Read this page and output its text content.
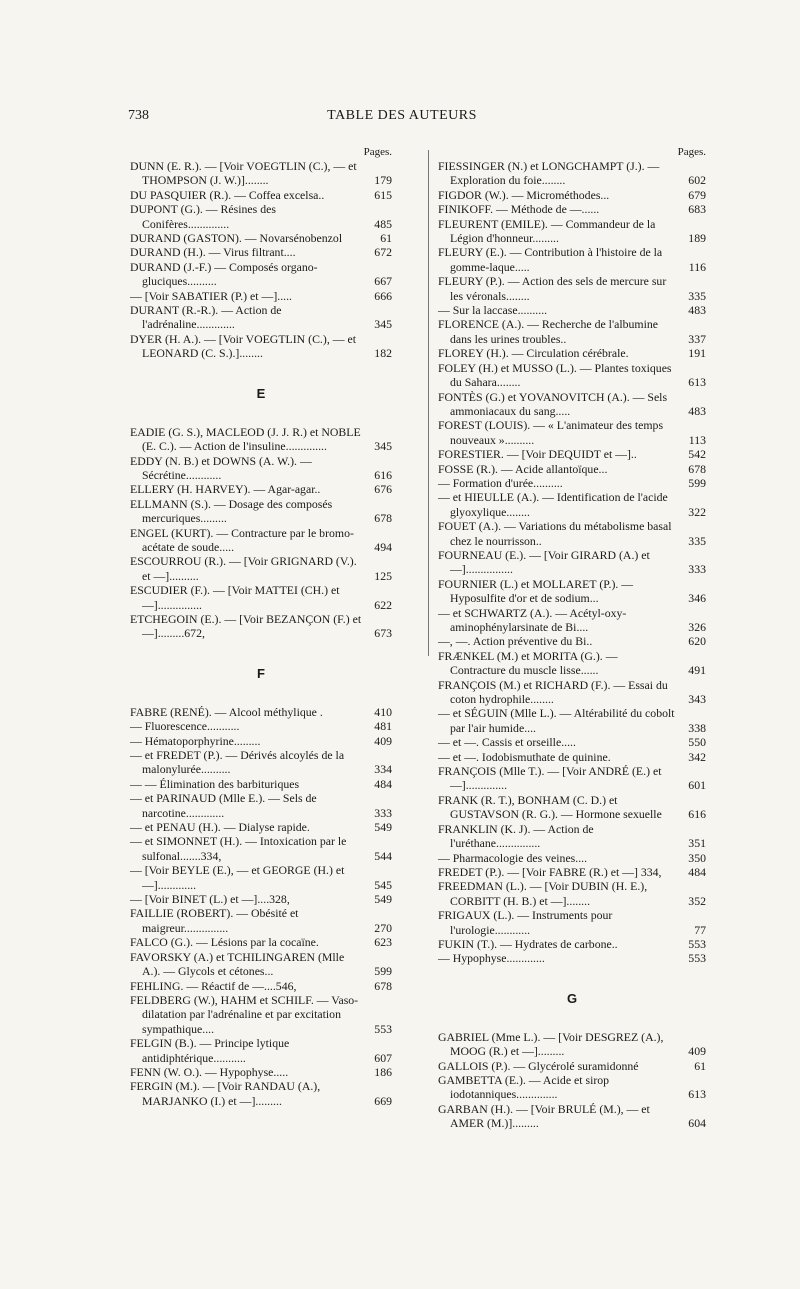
738	TABLE DES AUTEURS
Pages.
DUNN (E. R.). — [Voir VOEGTLIN (C.), — et THOMPSON (J. W.)]........	179
DU PASQUIER (R.). — Coffea excelsa..	615
DUPONT (G.). — Résines des Conifères..............	485
DURAND (GASTON). — Novarsénobenzol	61
DURAND (H.). — Virus filtrant....	672
DURAND (J.-F.) — Composés organo-gluciques..........	667
— [Voir SABATIER (P.) et —].....	666
DURANT (R.-R.). — Action de l'adrénaline.............	345
DYER (H. A.). — [Voir VOEGTLIN (C.), — et LEONARD (C. S.).]........	182
E
EADIE (G. S.), MACLEOD (J. J. R.) et NOBLE (E. C.). — Action de l'insuline..............	345
EDDY (N. B.) et DOWNS (A. W.). — Sécrétine............	616
ELLERY (H. HARVEY). — Agar-agar..	676
ELLMANN (S.). — Dosage des composés mercuriques.........	678
ENGEL (KURT). — Contracture par le bromo-acétate de soude.....	494
ESCOURROU (R.). — [Voir GRIGNARD (V.). et —]..........	125
ESCUDIER (F.). — [Voir MATTEI (CH.) et —]...............	622
ETCHEGOIN (E.). — [Voir BEZANÇON (F.) et —].........672,	673
F
FABRE (RENÉ). — Alcool méthylique .	410
— Fluorescence...........	481
— Hématoporphyrine.........	409
— et FREDET (P.). — Dérivés alcoylés de la malonylurée..........	334
— — Élimination des barbituriques	484
— et PARINAUD (Mlle E.). — Sels de narcotine.............	333
— et PENAU (H.). — Dialyse rapide.	549
— et SIMONNET (H.). — Intoxication par le sulfonal.......334,	544
— [Voir BEYLE (E.), — et GEORGE (H.) et —].............	545
— [Voir BINET (L.) et —]....328,	549
FAILLIE (ROBERT). — Obésité et maigreur...............	270
FALCO (G.). — Lésions par la cocaïne.	623
FAVORSKY (A.) et TCHILINGAREN (Mlle A.). — Glycols et cétones...	599
FEHLING. — Réactif de —....546,	678
FELDBERG (W.), HAHM et SCHILF. — Vaso-dilatation par l'adrénaline et par excitation sympathique....	553
FELGIN (B.). — Principe lytique antidiphtérique...........	607
FENN (W. O.). — Hypophyse.....	186
FERGIN (M.). — [Voir RANDAU (A.), MARJANKO (I.) et —].........	669
Pages.
FIESSINGER (N.) et LONGCHAMPT (J.). — Exploration du foie........	602
FIGDOR (W.). — Microméthodes...	679
FINIKOFF. — Méthode de —......	683
FLEURENT (EMILE). — Commandeur de la Légion d'honneur.........	189
FLEURY (E.). — Contribution à l'histoire de la gomme-laque.....	116
FLEURY (P.). — Action des sels de mercure sur les véronals........	335
— Sur la laccase..........	483
FLORENCE (A.). — Recherche de l'albumine dans les urines troubles..	337
FLOREY (H.). — Circulation cérébrale.	191
FOLEY (H.) et MUSSO (L.). — Plantes toxiques du Sahara........	613
FONTÈS (G.) et YOVANOVITCH (A.). — Sels ammoniacaux du sang.....	483
FOREST (LOUIS). — « L'animateur des temps nouveaux »..........	113
FORESTIER. — [Voir DEQUIDT et —]..	542
FOSSE (R.). — Acide allantoïque...	678
— Formation d'urée..........	599
— et HIEULLE (A.). — Identification de l'acide glyoxylique........	322
FOUET (A.). — Variations du métabolisme basal chez le nourrisson..	335
FOURNEAU (E.). — [Voir GIRARD (A.) et —]................	333
FOURNIER (L.) et MOLLARET (P.). — Hyposulfite d'or et de sodium...	346
— et SCHWARTZ (A.). — Acétyl-oxy-aminophénylarsinate de Bi....	326
—, —. Action préventive du Bi..	620
FRÆNKEL (M.) et MORITA (G.). — Contracture du muscle lisse......	491
FRANÇOIS (M.) et RICHARD (F.). — Essai du coton hydrophile........	343
— et SÉGUIN (Mlle L.). — Altérabilité du cobolt par l'air humide....	338
— et —. Cassis et orseille.....	550
— et —. Iodobismuthate de quinine.	342
FRANÇOIS (Mlle T.). — [Voir ANDRÉ (E.) et —]..............	601
FRANK (R. T.), BONHAM (C. D.) et GUSTAVSON (R. G.). — Hormone sexuelle 616
FRANKLIN (K. J). — Action de l'uréthane...............	351
— Pharmacologie des veines....	350
FREDET (P.). — [Voir FABRE (R.) et —] 334, 484
FREEDMAN (L.). — [Voir DUBIN (H. E.), CORBITT (H. B.) et —]........	352
FRIGAUX (L.). — Instruments pour l'urologie............	77
FUKIN (T.). — Hydrates de carbone..	553
— Hypophyse.............	553
G
GABRIEL (Mme L.). — [Voir DESGREZ (A.), MOOG (R.) et —].........	409
GALLOIS (P.). — Glycérolé suramidonné	61
GAMBETTA (E.). — Acide et sirop iodotanniques..............	613
GARBAN (H.). — [Voir BRULÉ (M.), — et AMER (M.)].........	604
